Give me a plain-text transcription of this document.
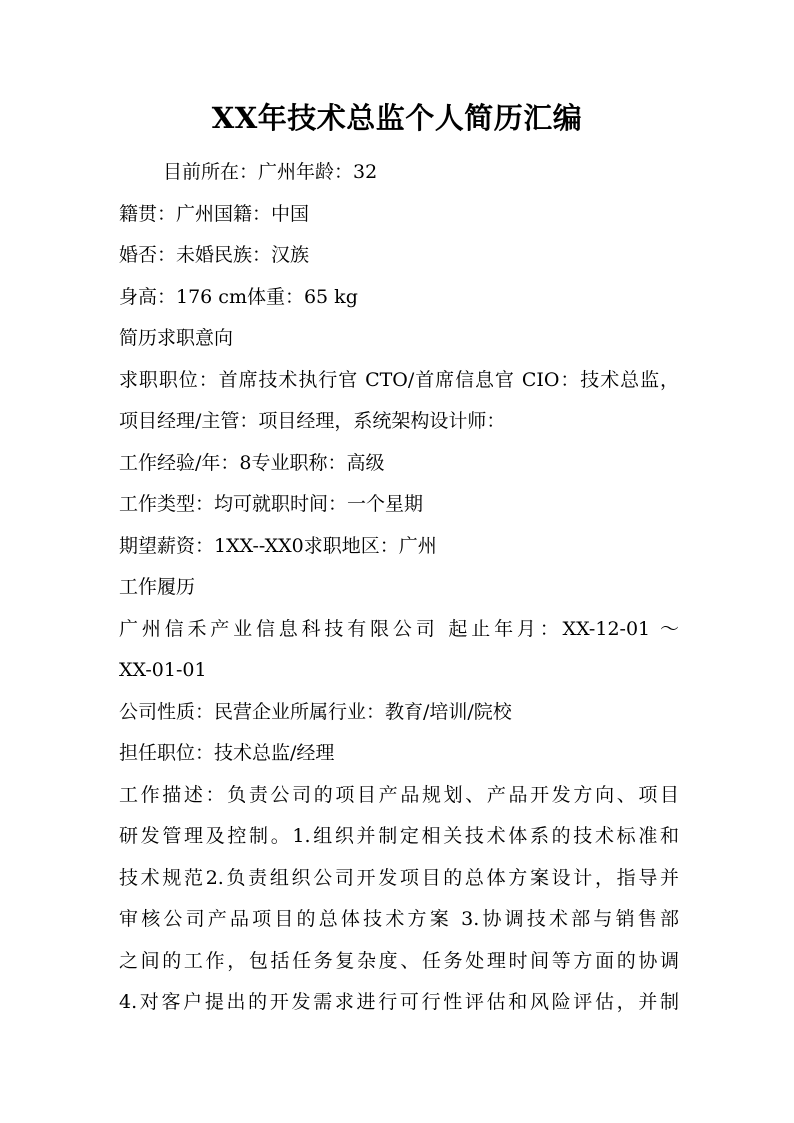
XX年技术总监个人简历汇编
目前所在：广州年龄：32
籍贯：广州国籍：中国
婚否：未婚民族：汉族
身高：176 cm体重：65 kg
简历求职意向
求职职位：首席技术执行官 CTO/首席信息官 CIO：技术总监，
项目经理/主管：项目经理，系统架构设计师：
工作经验/年：8专业职称：高级
工作类型：均可就职时间：一个星期
期望薪资：1XX--XX0求职地区：广州
工作履历
广州信禾产业信息科技有限公司 起止年月：XX-12-01 ～
XX-01-01
公司性质：民营企业所属行业：教育/培训/院校
担任职位：技术总监/经理
工作描述：负责公司的项目产品规划、产品开发方向、项目
研发管理及控制。1.组织并制定相关技术体系的技术标准和
技术规范2.负责组织公司开发项目的总体方案设计，指导并
审核公司产品项目的总体技术方案 3.协调技术部与销售部
之间的工作，包括任务复杂度、任务处理时间等方面的协调
4.对客户提出的开发需求进行可行性评估和风险评估，并制
